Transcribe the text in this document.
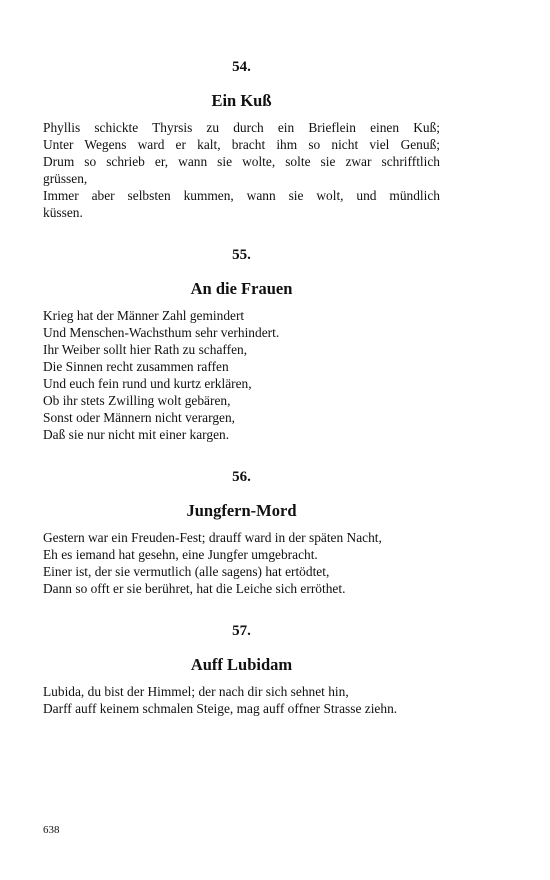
54.

Ein Kuß

Phyllis schickte Thyrsis zu durch ein Brieflein einen Kuß;

Unter Wegens ward er kalt, bracht ihm so nicht viel Genuß;

Drum so schrieb er, wann sie wolte, solte sie zwar schrifftlich

grüssen,

Immer aber selbsten kummen, wann sie wolt, und mündlich

küssen.

55.

An die Frauen

Krieg hat der Männer Zahl gemindert

Und Menschen-Wachsthum sehr verhindert.

Ihr Weiber sollt hier Rath zu schaffen,

Die Sinnen recht zusammen raffen

Und euch fein rund und kurtz erklären,

Ob ihr stets Zwilling wolt gebären,

Sonst oder Männern nicht verargen,

Daß sie nur nicht mit einer kargen.

56.

Jungfern-Mord

Gestern war ein Freuden-Fest; drauff ward in der späten Nacht,

Eh es iemand hat gesehn, eine Jungfer umgebracht.

Einer ist, der sie vermutlich (alle sagens) hat ertödtet,

Dann so offt er sie berühret, hat die Leiche sich erröthet.

57.

Auff Lubidam

Lubida, du bist der Himmel; der nach dir sich sehnet hin,

Darff auff keinem schmalen Steige, mag auff offner Strasse ziehn.

638
